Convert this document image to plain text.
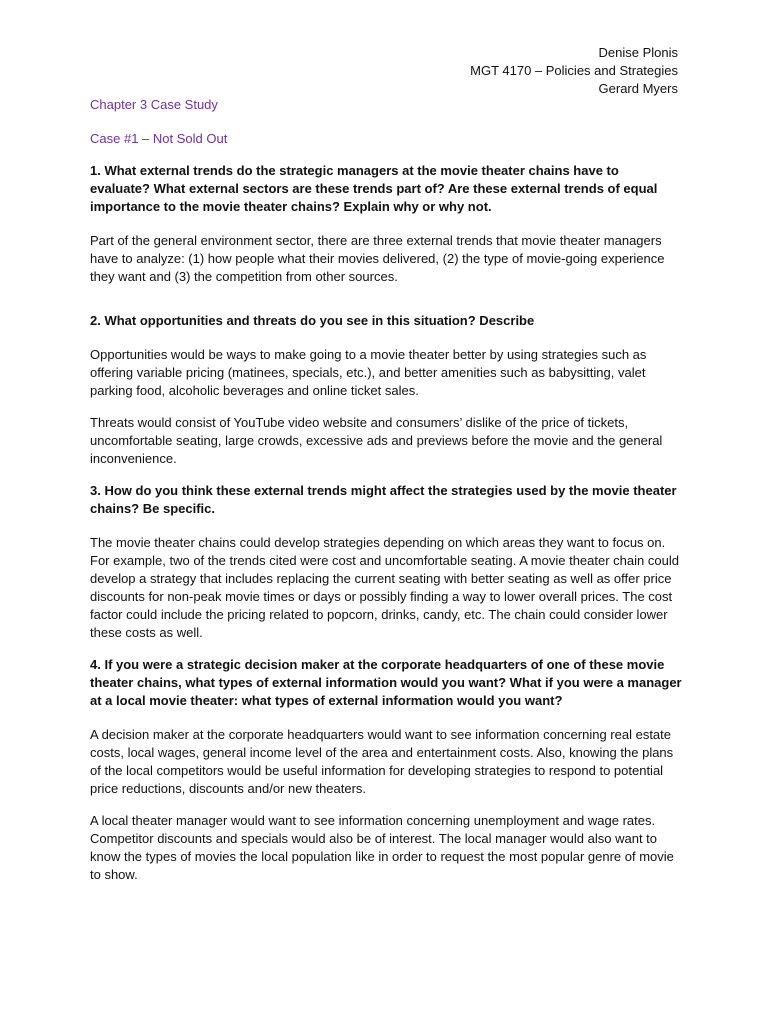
Denise Plonis
MGT 4170 – Policies and Strategies
Gerard Myers
Chapter 3 Case Study
Case #1 – Not Sold Out
1. What external trends do the strategic managers at the movie theater chains have to evaluate? What external sectors are these trends part of? Are these external trends of equal importance to the movie theater chains? Explain why or why not.
Part of the general environment sector, there are three external trends that movie theater managers have to analyze: (1) how people what their movies delivered, (2) the type of movie-going experience they want and (3) the competition from other sources.
2. What opportunities and threats do you see in this situation? Describe
Opportunities would be ways to make going to a movie theater better by using strategies such as offering variable pricing (matinees, specials, etc.), and better amenities such as babysitting, valet parking food, alcoholic beverages and online ticket sales.
Threats would consist of YouTube video website and consumers’ dislike of the price of tickets, uncomfortable seating, large crowds, excessive ads and previews before the movie and the general inconvenience.
3. How do you think these external trends might affect the strategies used by the movie theater chains? Be specific.
The movie theater chains could develop strategies depending on which areas they want to focus on. For example, two of the trends cited were cost and uncomfortable seating. A movie theater chain could develop a strategy that includes replacing the current seating with better seating as well as offer price discounts for non-peak movie times or days or possibly finding a way to lower overall prices. The cost factor could include the pricing related to popcorn, drinks, candy, etc. The chain could consider lower these costs as well.
4. If you were a strategic decision maker at the corporate headquarters of one of these movie theater chains, what types of external information would you want? What if you were a manager at a local movie theater: what types of external information would you want?
A decision maker at the corporate headquarters would want to see information concerning real estate costs, local wages, general income level of the area and entertainment costs. Also, knowing the plans of the local competitors would be useful information for developing strategies to respond to potential price reductions, discounts and/or new theaters.
A local theater manager would want to see information concerning unemployment and wage rates. Competitor discounts and specials would also be of interest. The local manager would also want to know the types of movies the local population like in order to request the most popular genre of movie to show.
